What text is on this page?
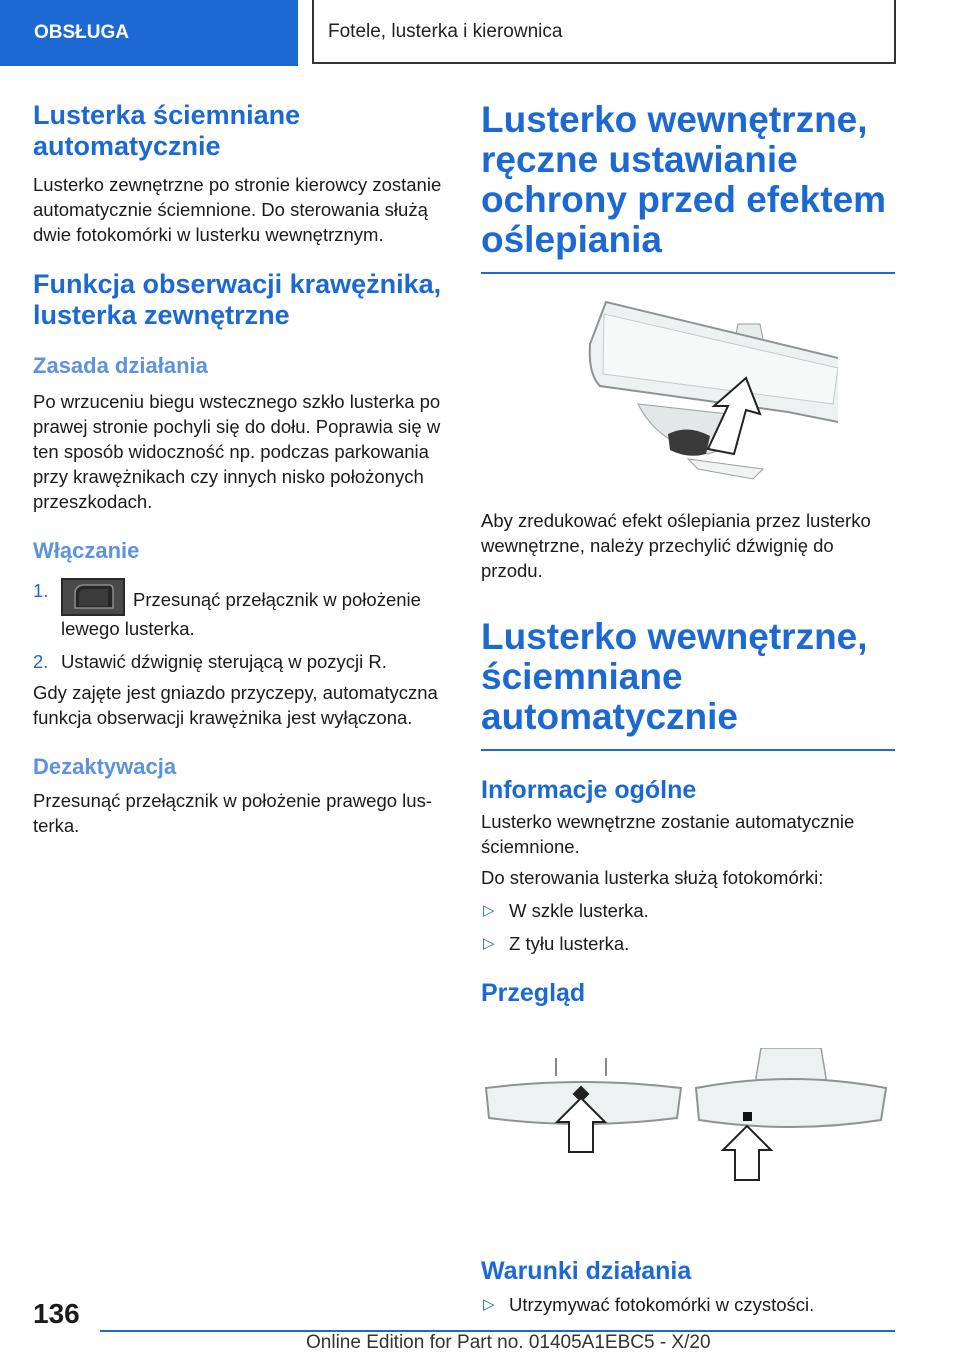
OBSŁUGA	Fotele, lusterka i kierownica
Lusterka ściemniane automatycznie

Lusterko zewnętrzne po stronie kierowcy zostanie automatycznie ściemnione. Do sterowania służą dwie fotokomórki w lusterku wewnętrznym.

Funkcja obserwacji krawężnika, lusterka zewnętrzne
Zasada działania

Po wrzuceniu biegu wstecznego szkło lusterka po prawej stronie pochyli się do dołu. Poprawia się w ten sposób widoczność np. podczas parkowania przy krawężnikach czy innych nisko położonych przeszkodach.

Włączanie
1.	Przesunąć przełącznik w położenie lewego lusterka.
2. Ustawić dźwignię sterującą w pozycji R.

Gdy zajęte jest gniazdo przyczepy, automatyczna funkcja obserwacji krawężnika jest wyłączona.

Dezaktywacja

Przesunąć przełącznik w położenie prawego lusterka.

Lusterko wewnętrzne, ręczne ustawianie ochrony przed efektem oślepiania

Aby zredukować efekt oślepiania przez lusterko wewnętrzne, należy przechylić dźwignię do przodu.

Lusterko wewnętrzne, ściemniane automatycznie
Informacje ogólne

Lusterko wewnętrzne zostanie automatycznie ściemnione.

Do sterowania lusterka służą fotokomórki:

▷ W szkle lusterka.
▷ Z tyłu lusterka.
Przegląd
Warunki działania
▷ Utrzymywać fotokomórki w czystości.
136
Online Edition for Part no. 01405A1EBC5 - X/20
